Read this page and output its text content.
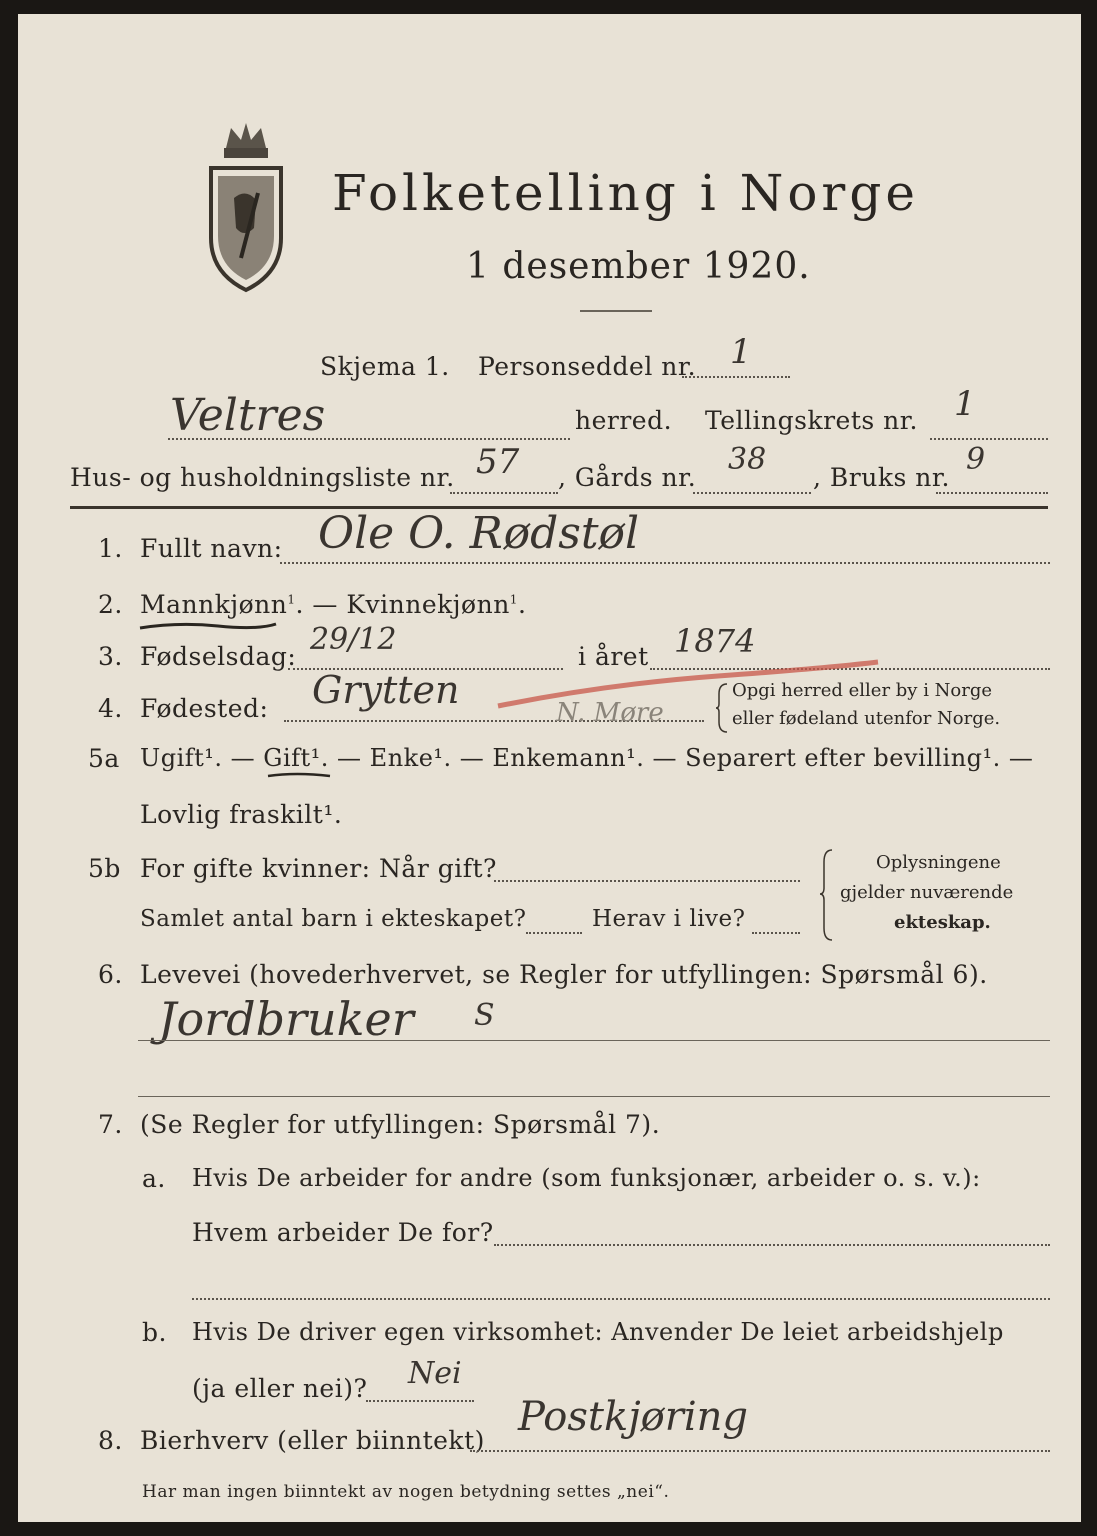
Folketelling i Norge
1 desember 1920.
Skjema 1. Personseddel nr. 1
Veltres	herred. Tellingskrets nr. 1
Hus- og husholdningsliste nr. 57 , Gårds nr.
38
, Bruks nr.
9
1. Fullt navn: Ole O. Rødstøl
2. Mannkjønn$^1$. — Kvinnekjønn$^1$.
3. Fødselsdag: 29/12	i året 1874
4. Fødested: Grytten
N. Møre
Opgi herred eller by i Norge
eller fødeland utenfor Norge.
5a Ugift¹. — Gift¹. — Enke¹. — Enkemann¹. — Separert efter bevilling¹. —
Lovlig fraskilt¹.
5b For gifte kvinner: Når gift?
Samlet antal barn i ekteskapet?	Herav i live?
Oplysningene
gjelder nuværende
ekteskap.
6. Levevei (hovederhvervet, se Regler for utfyllingen: Spørsmål 6).
Jordbruker S
7. (Se Regler for utfyllingen: Spørsmål 7).
a. Hvis De arbeider for andre (som funksjonær, arbeider o. s. v.):
Hvem arbeider De for?
b. Hvis De driver egen virksomhet: Anvender De leiet arbeidshjelp
(ja eller nei)? Nei
8. Bierhverv (eller biinntekt)
Postkjøring
Har man ingen biinntekt av nogen betydning settes „nei“.
